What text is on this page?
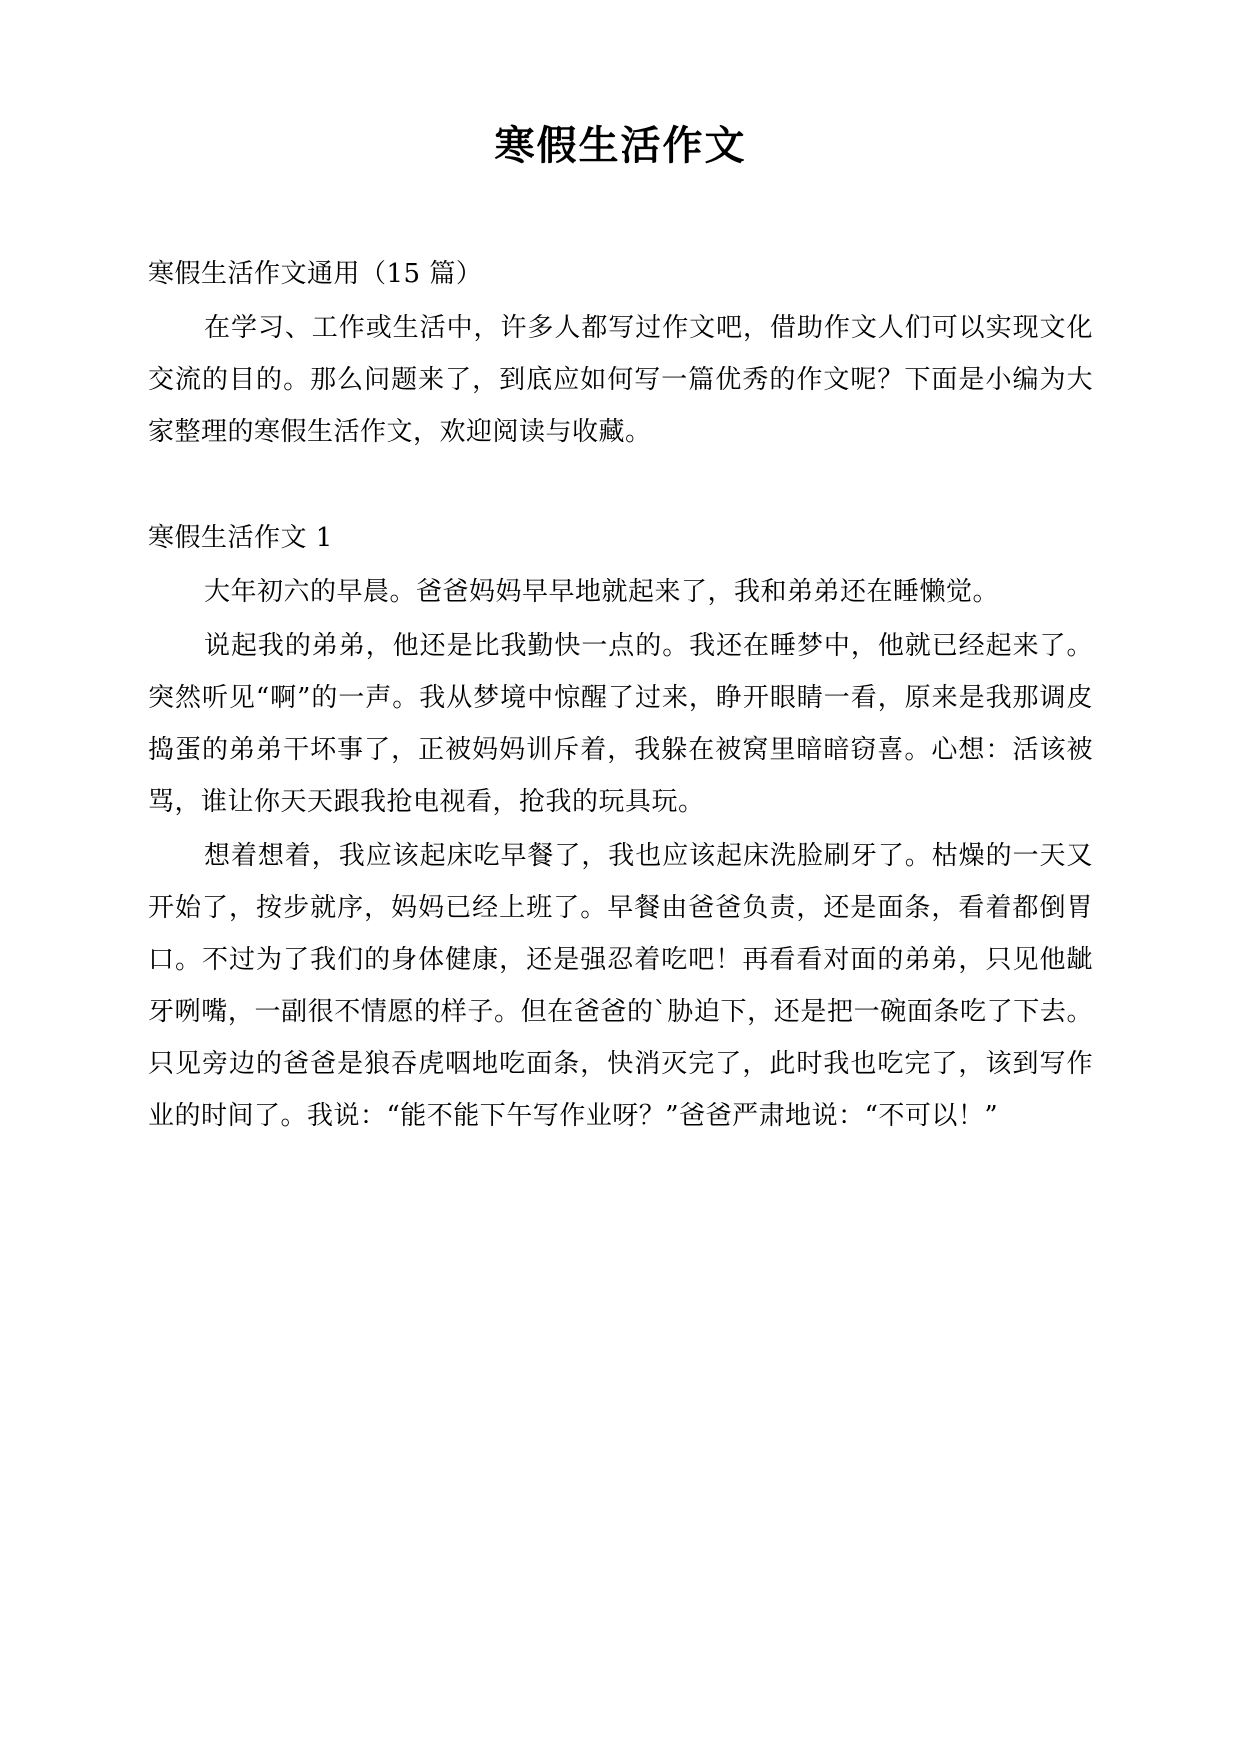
寒假生活作文

寒假生活作文通用（15 篇）

在学习、工作或生活中，许多人都写过作文吧，借助作文人们可以实现文化交流的目的。那么问题来了，到底应如何写一篇优秀的作文呢？下面是小编为大家整理的寒假生活作文，欢迎阅读与收藏。

寒假生活作文 1

大年初六的早晨。爸爸妈妈早早地就起来了，我和弟弟还在睡懒觉。

说起我的弟弟，他还是比我勤快一点的。我还在睡梦中，他就已经起来了。突然听见“啊”的一声。我从梦境中惊醒了过来，睁开眼睛一看，原来是我那调皮捣蛋的弟弟干坏事了，正被妈妈训斥着，我躲在被窝里暗暗窃喜。心想：活该被骂，谁让你天天跟我抢电视看，抢我的玩具玩。

想着想着，我应该起床吃早餐了，我也应该起床洗脸刷牙了。枯燥的一天又开始了，按步就序，妈妈已经上班了。早餐由爸爸负责，还是面条，看着都倒胃口。不过为了我们的身体健康，还是强忍着吃吧！再看看对面的弟弟，只见他龇牙咧嘴，一副很不情愿的样子。但在爸爸的`胁迫下，还是把一碗面条吃了下去。只见旁边的爸爸是狼吞虎咽地吃面条，快消灭完了，此时我也吃完了，该到写作业的时间了。我说：“能不能下午写作业呀？”爸爸严肃地说：“不可以！”
